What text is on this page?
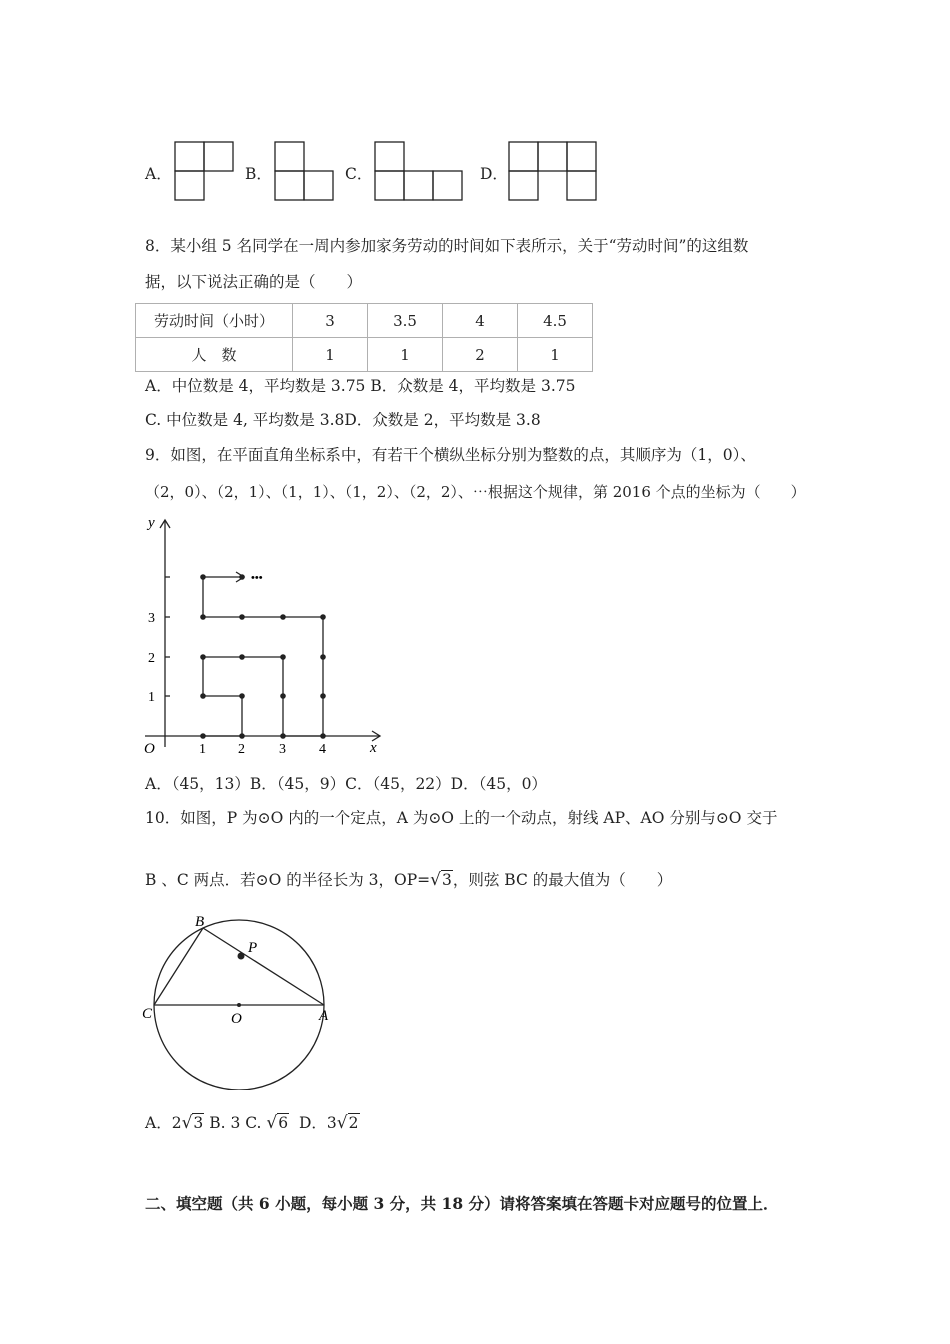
A．	B．	C．	D．
8．某小组 5 名同学在一周内参加家务劳动的时间如下表所示，关于“劳动时间”的这组数
据，以下说法正确的是（　　）
劳动时间（小时）	3	3.5	4	4.5
人　数	1	1	2	1
A．中位数是 4，平均数是 3.75 B．众数是 4，平均数是 3.75
C. 中位数是 4, 平均数是 3.8D．众数是 2，平均数是 3.8
9．如图，在平面直角坐标系中，有若干个横纵坐标分别为整数的点，其顺序为（1，0）、
（2，0）、（2，1）、（1，1）、（1，2）、（2，2）、⋯根据这个规律，第 2016 个点的坐标为（　　）
y
x
O	1 2 3 4
1
2
3
•••
A．（45，13）B．（45，9）C．（45，22）D．（45，0）
10．如图，P 为⊙O 内的一个定点，A 为⊙O 上的一个动点，射线 AP、AO 分别与⊙O 交于
B 、C 两点．若⊙O 的半径长为 3，OP=√3，则弦 BC 的最大值为（　　）
B
P
C	O	A
A．2√3 B. 3 C. √6  D．3√2
二、填空题（共 6 小题，每小题 3 分，共 18 分）请将答案填在答题卡对应题号的位置上．
